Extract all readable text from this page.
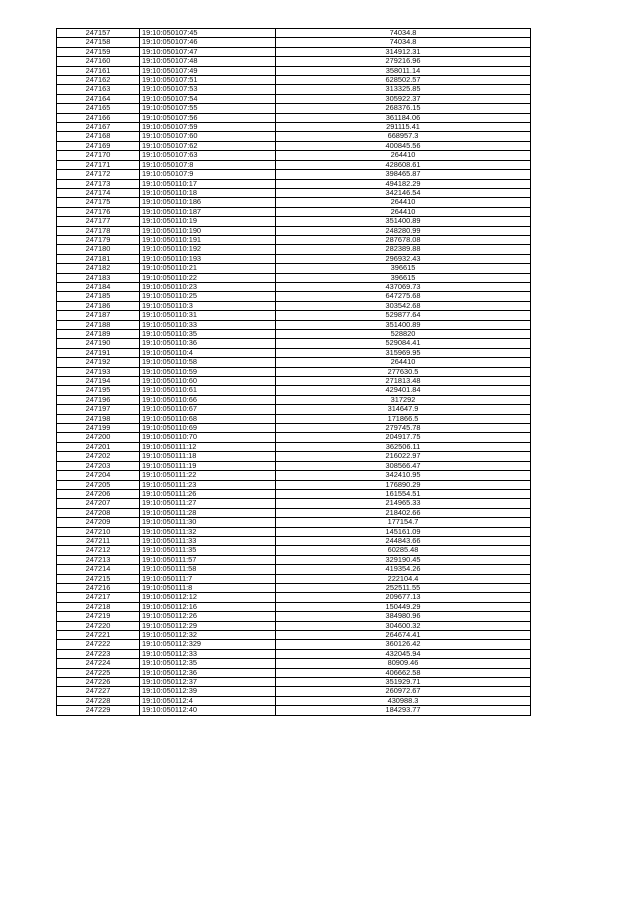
247157	19:10:050107:45	74034.8
247158	19:10:050107:46	74034.8
247159	19:10:050107:47	314912.31
247160	19:10:050107:48	279216.96
247161	19:10:050107:49	358011.14
247162	19:10:050107:51	628502.57
247163	19:10:050107:53	313325.85
247164	19:10:050107:54	305922.37
247165	19:10:050107:55	268376.15
247166	19:10:050107:56	361184.06
247167	19:10:050107:59	291115.41
247168	19:10:050107:60	668957.3
247169	19:10:050107:62	400845.56
247170	19:10:050107:63	264410
247171	19:10:050107:8	428608.61
247172	19:10:050107:9	398465.87
247173	19:10:050110:17	494182.29
247174	19:10:050110:18	342146.54
247175	19:10:050110:186	264410
247176	19:10:050110:187	264410
247177	19:10:050110:19	351400.89
247178	19:10:050110:190	248280.99
247179	19:10:050110:191	287678.08
247180	19:10:050110:192	282389.88
247181	19:10:050110:193	296932.43
247182	19:10:050110:21	396615
247183	19:10:050110:22	396615
247184	19:10:050110:23	437069.73
247185	19:10:050110:25	647275.68
247186	19:10:050110:3	303542.68
247187	19:10:050110:31	529877.64
247188	19:10:050110:33	351400.89
247189	19:10:050110:35	528820
247190	19:10:050110:36	529084.41
247191	19:10:050110:4	315969.95
247192	19:10:050110:58	264410
247193	19:10:050110:59	277630.5
247194	19:10:050110:60	271813.48
247195	19:10:050110:61	429401.84
247196	19:10:050110:66	317292
247197	19:10:050110:67	314647.9
247198	19:10:050110:68	171866.5
247199	19:10:050110:69	279745.78
247200	19:10:050110:70	204917.75
247201	19:10:050111:12	362506.11
247202	19:10:050111:18	216022.97
247203	19:10:050111:19	308566.47
247204	19:10:050111:22	342410.95
247205	19:10:050111:23	176890.29
247206	19:10:050111:26	161554.51
247207	19:10:050111:27	214965.33
247208	19:10:050111:28	218402.66
247209	19:10:050111:30	177154.7
247210	19:10:050111:32	145161.09
247211	19:10:050111:33	244843.66
247212	19:10:050111:35	60285.48
247213	19:10:050111:57	329190.45
247214	19:10:050111:58	419354.26
247215	19:10:050111:7	222104.4
247216	19:10:050111:8	252511.55
247217	19:10:050112:12	209677.13
247218	19:10:050112:16	150449.29
247219	19:10:050112:26	384980.96
247220	19:10:050112:29	304600.32
247221	19:10:050112:32	264674.41
247222	19:10:050112:329	360126.42
247223	19:10:050112:33	432045.94
247224	19:10:050112:35	80909.46
247225	19:10:050112:36	406662.58
247226	19:10:050112:37	351929.71
247227	19:10:050112:39	260972.67
247228	19:10:050112:4	430988.3
247229	19:10:050112:40	184293.77
